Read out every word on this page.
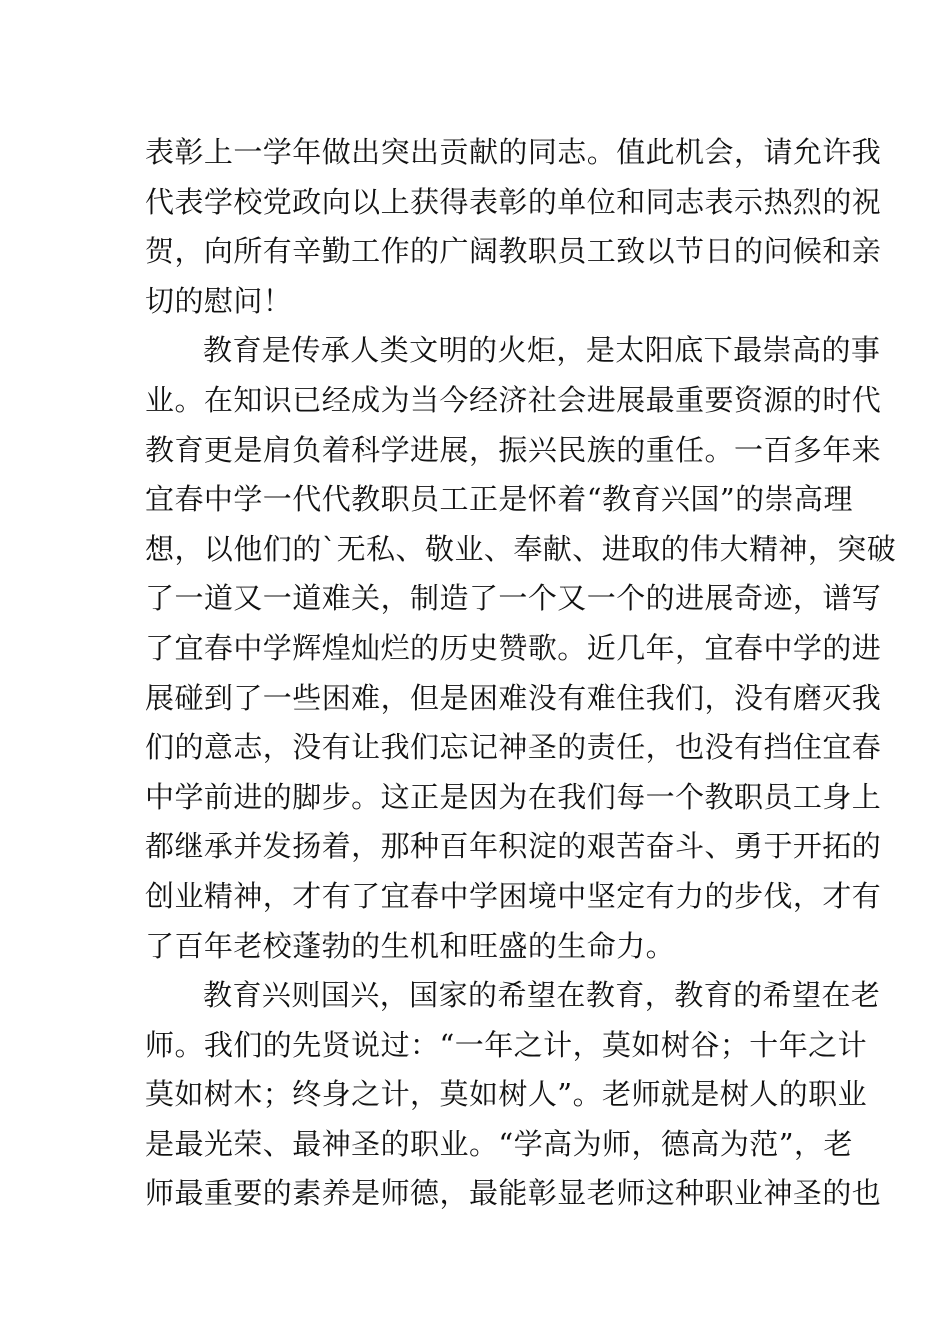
表彰上一学年做出突出贡献的同志。值此机会，请允许我
代表学校党政向以上获得表彰的单位和同志表示热烈的祝
贺，向所有辛勤工作的广阔教职员工致以节日的问候和亲
切的慰问！
教育是传承人类文明的火炬，是太阳底下最崇高的事
业。在知识已经成为当今经济社会进展最重要资源的时代
教育更是肩负着科学进展，振兴民族的重任。一百多年来
宜春中学一代代教职员工正是怀着“教育兴国”的崇高理
想，以他们的`无私、敬业、奉献、进取的伟大精神，突破
了一道又一道难关，制造了一个又一个的进展奇迹，谱写
了宜春中学辉煌灿烂的历史赞歌。近几年，宜春中学的进
展碰到了一些困难，但是困难没有难住我们，没有磨灭我
们的意志，没有让我们忘记神圣的责任，也没有挡住宜春
中学前进的脚步。这正是因为在我们每一个教职员工身上
都继承并发扬着，那种百年积淀的艰苦奋斗、勇于开拓的
创业精神，才有了宜春中学困境中坚定有力的步伐，才有
了百年老校蓬勃的生机和旺盛的生命力。
教育兴则国兴，国家的希望在教育，教育的希望在老
师。我们的先贤说过：“一年之计，莫如树谷；十年之计
莫如树木；终身之计，莫如树人”。老师就是树人的职业
是最光荣、最神圣的职业。“学高为师，德高为范”，老
师最重要的素养是师德，最能彰显老师这种职业神圣的也
